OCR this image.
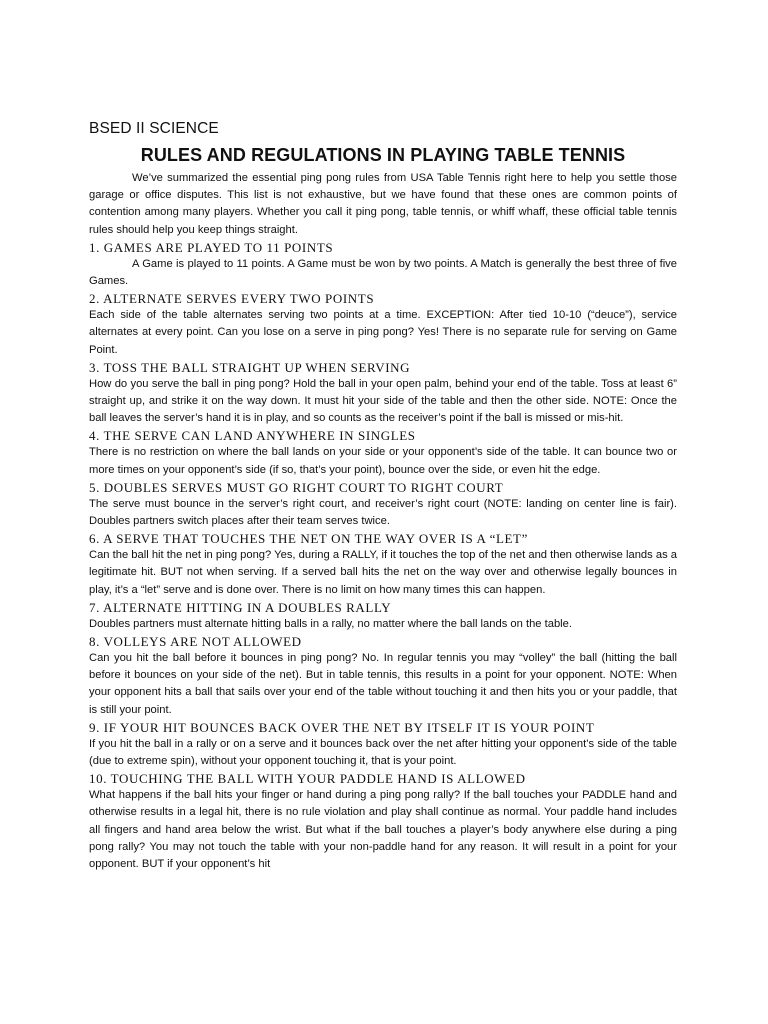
BSED II SCIENCE
RULES AND REGULATIONS IN PLAYING TABLE TENNIS

We’ve summarized the essential ping pong rules from USA Table Tennis right here to help you settle those garage or office disputes. This list is not exhaustive, but we have found that these ones are common points of contention among many players. Whether you call it ping pong, table tennis, or whiff whaff, these official table tennis rules should help you keep things straight.

1. GAMES ARE PLAYED TO 11 POINTS

A Game is played to 11 points. A Game must be won by two points. A Match is generally the best three of five Games.

2. ALTERNATE SERVES EVERY TWO POINTS

Each side of the table alternates serving two points at a time. EXCEPTION: After tied 10-10 (“deuce”), service alternates at every point. Can you lose on a serve in ping pong? Yes! There is no separate rule for serving on Game Point.

3. TOSS THE BALL STRAIGHT UP WHEN SERVING

How do you serve the ball in ping pong? Hold the ball in your open palm, behind your end of the table. Toss at least 6” straight up, and strike it on the way down. It must hit your side of the table and then the other side. NOTE: Once the ball leaves the server’s hand it is in play, and so counts as the receiver’s point if the ball is missed or mis-hit.

4. THE SERVE CAN LAND ANYWHERE IN SINGLES

There is no restriction on where the ball lands on your side or your opponent’s side of the table. It can bounce two or more times on your opponent’s side (if so, that’s your point), bounce over the side, or even hit the edge.

5. DOUBLES SERVES MUST GO RIGHT COURT TO RIGHT COURT

The serve must bounce in the server’s right court, and receiver’s right court (NOTE: landing on center line is fair). Doubles partners switch places after their team serves twice.

6. A SERVE THAT TOUCHES THE NET ON THE WAY OVER IS A “LET”

Can the ball hit the net in ping pong? Yes, during a RALLY, if it touches the top of the net and then otherwise lands as a legitimate hit. BUT not when serving. If a served ball hits the net on the way over and otherwise legally bounces in play, it’s a “let” serve and is done over. There is no limit on how many times this can happen.

7. ALTERNATE HITTING IN A DOUBLES RALLY

Doubles partners must alternate hitting balls in a rally, no matter where the ball lands on the table.

8. VOLLEYS ARE NOT ALLOWED

Can you hit the ball before it bounces in ping pong? No. In regular tennis you may “volley” the ball (hitting the ball before it bounces on your side of the net). But in table tennis, this results in a point for your opponent. NOTE: When your opponent hits a ball that sails over your end of the table without touching it and then hits you or your paddle, that is still your point.

9. IF YOUR HIT BOUNCES BACK OVER THE NET BY ITSELF IT IS YOUR POINT

If you hit the ball in a rally or on a serve and it bounces back over the net after hitting your opponent’s side of the table (due to extreme spin), without your opponent touching it, that is your point.

10. TOUCHING THE BALL WITH YOUR PADDLE HAND IS ALLOWED

What happens if the ball hits your finger or hand during a ping pong rally? If the ball touches your PADDLE hand and otherwise results in a legal hit, there is no rule violation and play shall continue as normal. Your paddle hand includes all fingers and hand area below the wrist. But what if the ball touches a player’s body anywhere else during a ping pong rally? You may not touch the table with your non-paddle hand for any reason. It will result in a point for your opponent. BUT if your opponent’s hit
